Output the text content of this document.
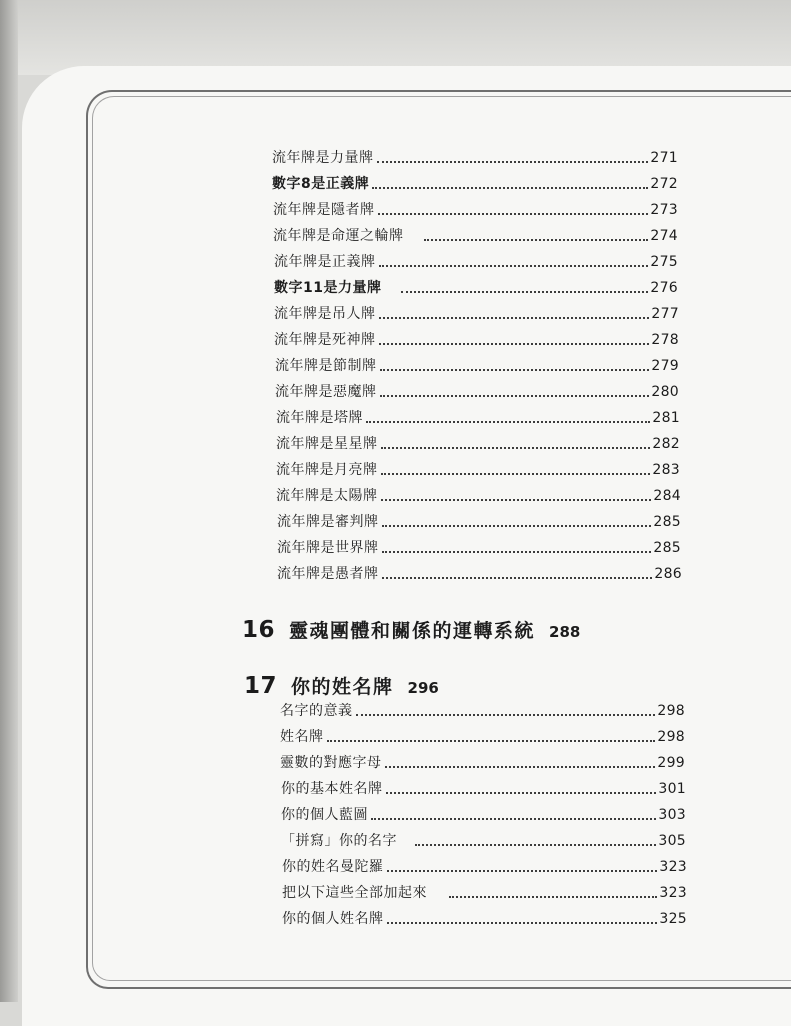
流年牌是力量牌	271
數字8是正義牌	272
流年牌是隱者牌	273
流年牌是命運之輪牌	274
流年牌是正義牌	275
數字11是力量牌	276
流年牌是吊人牌	277
流年牌是死神牌	278
流年牌是節制牌	279
流年牌是惡魔牌	280
流年牌是塔牌	281
流年牌是星星牌	282
流年牌是月亮牌	283
流年牌是太陽牌	284
流年牌是審判牌	285
流年牌是世界牌	285
流年牌是愚者牌	286
16 靈魂團體和關係的運轉系統 288
17 你的姓名牌 296
名字的意義	298
姓名牌	298
靈數的對應字母	299
你的基本姓名牌	301
你的個人藍圖	303
「拼寫」你的名字	305
你的姓名曼陀羅	323
把以下這些全部加起來	323
你的個人姓名牌	325
